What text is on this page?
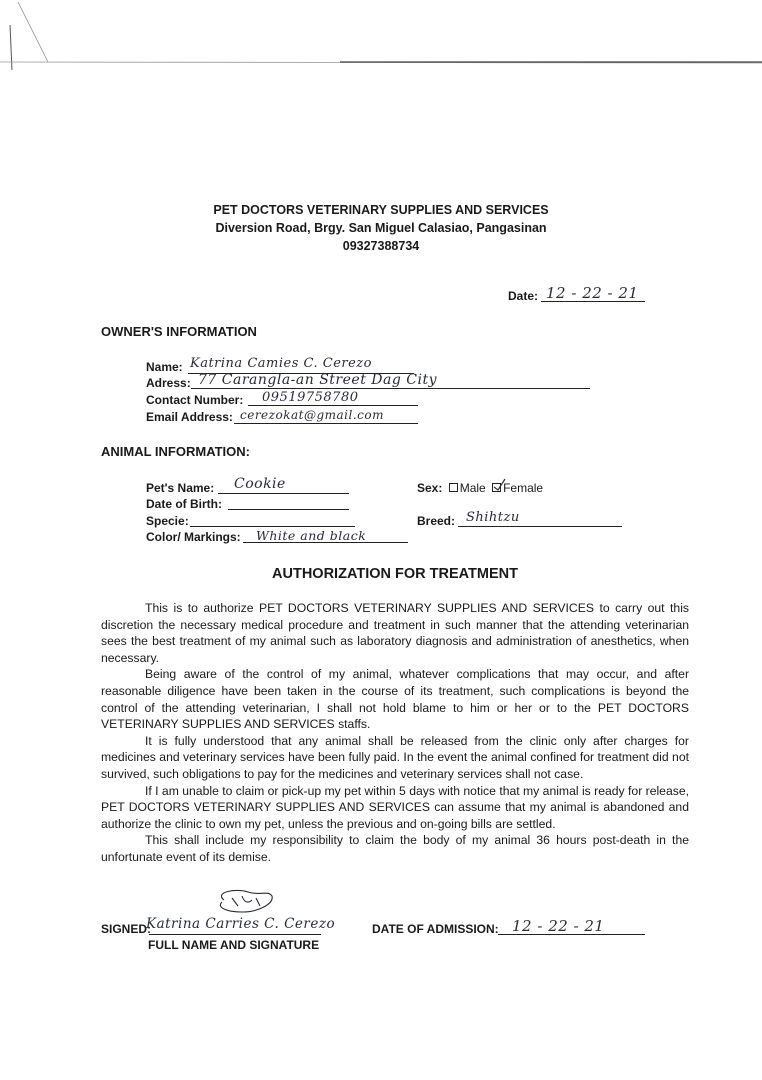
PET DOCTORS VETERINARY SUPPLIES AND SERVICES
Diversion Road, Brgy. San Miguel Calasiao, Pangasinan
09327388734
Date: 12 - 22 - 21
OWNER'S INFORMATION
Name: Katrina Camies C. Cerezo
Adress: 77 Carangla-an Street Dag City
Contact Number: 09519758780
Email Address: cerezokat@gmail.com
ANIMAL INFORMATION:
Pet's Name: Cookie
Date of Birth:
Specie:
Color/ Markings: White and black
Sex: Male Female
Breed: Shihtzu
AUTHORIZATION FOR TREATMENT

This is to authorize PET DOCTORS VETERINARY SUPPLIES AND SERVICES to carry out this discretion the necessary medical procedure and treatment in such manner that the attending veterinarian sees the best treatment of my animal such as laboratory diagnosis and administration of anesthetics, when necessary.

Being aware of the control of my animal, whatever complications that may occur, and after reasonable diligence have been taken in the course of its treatment, such complications is beyond the control of the attending veterinarian, I shall not hold blame to him or her or to the PET DOCTORS VETERINARY SUPPLIES AND SERVICES staffs.

It is fully understood that any animal shall be released from the clinic only after charges for medicines and veterinary services have been fully paid. In the event the animal confined for treatment did not survived, such obligations to pay for the medicines and veterinary services shall not case.

If I am unable to claim or pick-up my pet within 5 days with notice that my animal is ready for release, PET DOCTORS VETERINARY SUPPLIES AND SERVICES can assume that my animal is abandoned and authorize the clinic to own my pet, unless the previous and on-going bills are settled.

This shall include my responsibility to claim the body of my animal 36 hours post-death in the unfortunate event of its demise.

SIGNED:
Katrina Carries C. Cerezo
FULL NAME AND SIGNATURE
DATE OF ADMISSION: 12 - 22 - 21
